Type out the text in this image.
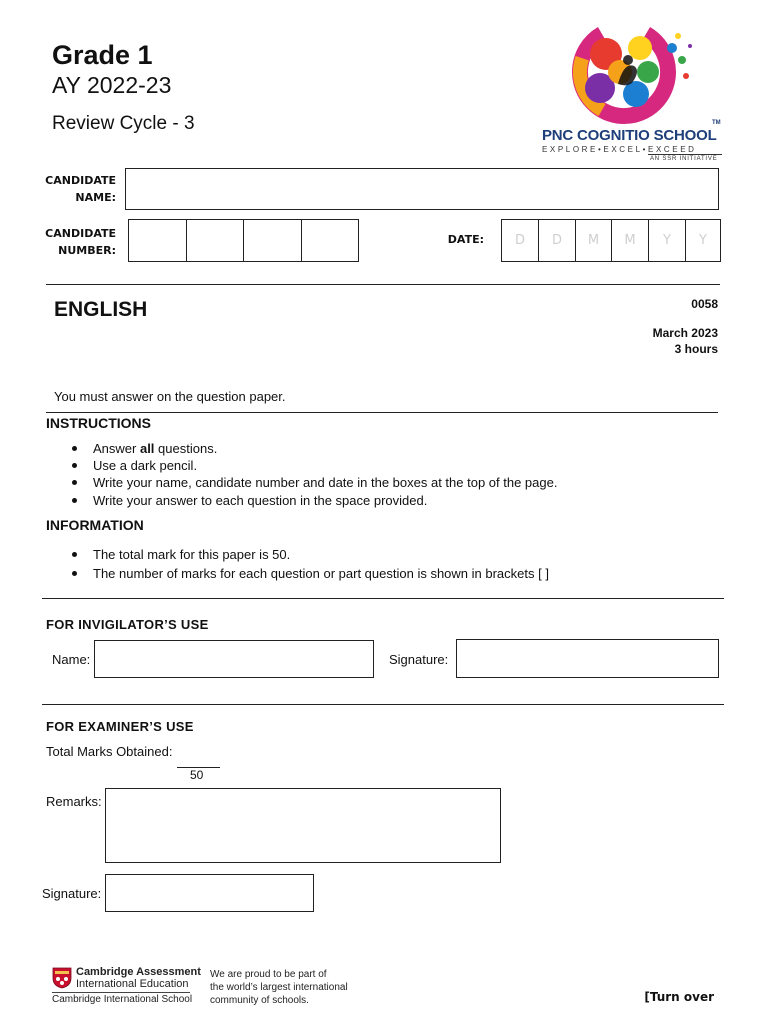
Grade 1
AY 2022-23
Review Cycle - 3	TM
PNC COGNITIO SCHOOL
EXPLORE•EXCEL•EXCEED
AN SSR INITIATIVE
CANDIDATE
NAME:
CANDIDATE
NUMBER:
DATE:	D	D	M	M	Y	Y
ENGLISH	0058
March 2023
3 hours
You must answer on the question paper.
INSTRUCTIONS
Answer all questions.
Use a dark pencil.
Write your name, candidate number and date in the boxes at the top of the page.
Write your answer to each question in the space provided.
INFORMATION
The total mark for this paper is 50.
The number of marks for each question or part question is shown in brackets [ ]
FOR INVIGILATOR’S USE
Name:	Signature:
FOR EXAMINER’S USE
Total Marks Obtained:
50
Remarks:
Signature:
Cambridge Assessment
International Education
Cambridge International School
We are proud to be part of
the world’s largest international
community of schools.	[Turn over
